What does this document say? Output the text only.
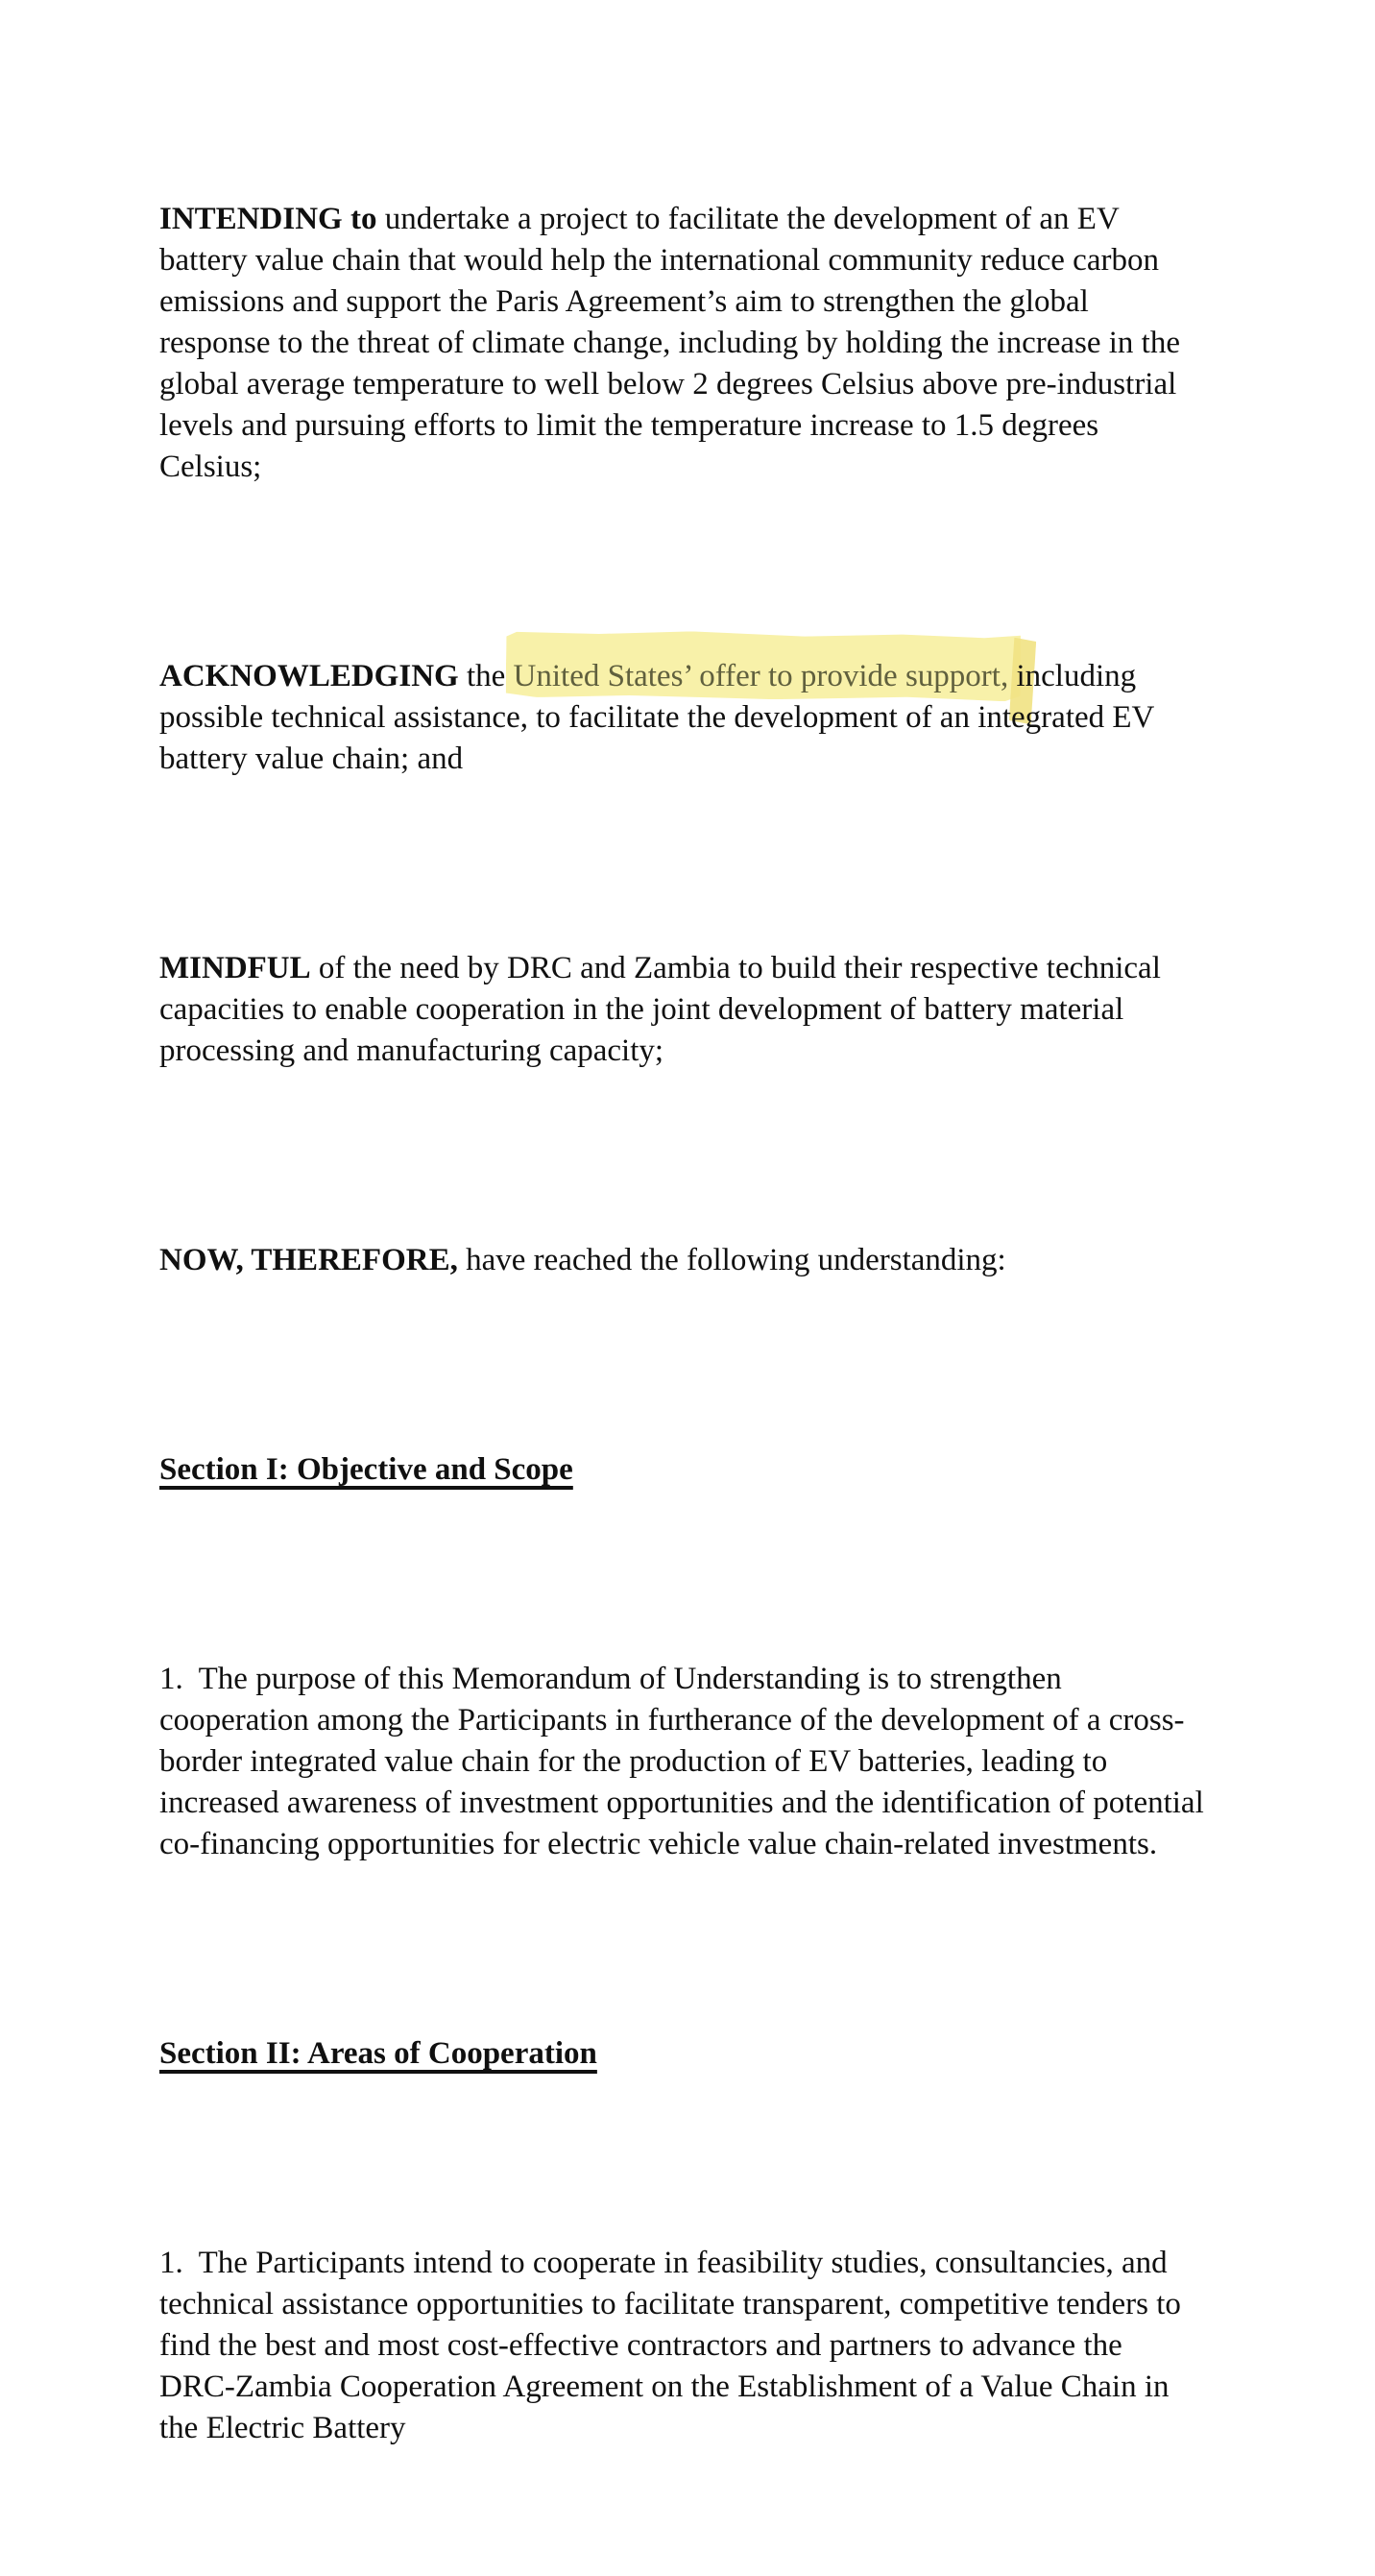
INTENDING to undertake a project to facilitate the development of an EV battery value chain that would help the international community reduce carbon emissions and support the Paris Agreement’s aim to strengthen the global response to the threat of climate change, including by holding the increase in the global average temperature to well below 2 degrees Celsius above pre-industrial levels and pursuing efforts to limit the temperature increase to 1.5 degrees Celsius;

ACKNOWLEDGING the United States’ offer to provide support, including possible technical assistance, to facilitate the development of an integrated EV battery value chain; and

MINDFUL of the need by DRC and Zambia to build their respective technical capacities to enable cooperation in the joint development of battery material processing and manufacturing capacity;

NOW, THEREFORE, have reached the following understanding:

Section I: Objective and Scope

1.  The purpose of this Memorandum of Understanding is to strengthen cooperation among the Participants in furtherance of the development of a cross-border integrated value chain for the production of EV batteries, leading to increased awareness of investment opportunities and the identification of potential co-financing opportunities for electric vehicle value chain-related investments.

Section II: Areas of Cooperation

1.  The Participants intend to cooperate in feasibility studies, consultancies, and technical assistance opportunities to facilitate transparent, competitive tenders to find the best and most cost-effective contractors and partners to advance the DRC-Zambia Cooperation Agreement on the Establishment of a Value Chain in the Electric Battery
